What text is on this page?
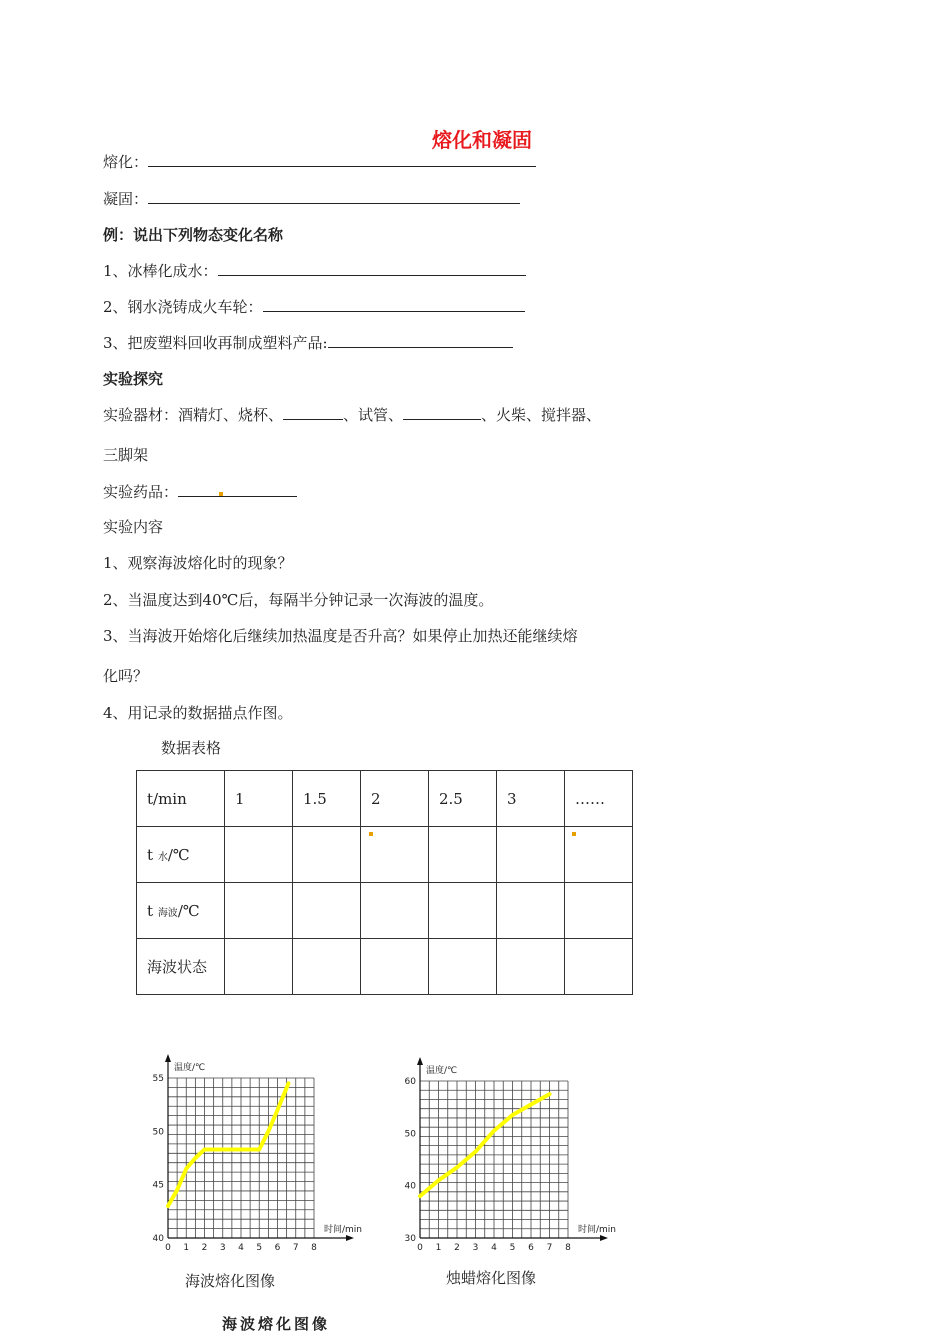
熔化和凝固
熔化：
凝固：
例：说出下列物态变化名称
1、冰棒化成水：
2、钢水浇铸成火车轮：
3、把废塑料回收再制成塑料产品:
实验探究
实验器材：酒精灯、烧杯、	、试管、	、火柴、搅拌器、
三脚架
实验药品：
实验内容
1、观察海波熔化时的现象？
2、当温度达到40℃后，每隔半分钟记录一次海波的温度。
3、当海波开始熔化后继续加热温度是否升高？如果停止加热还能继续熔
化吗？
4、用记录的数据描点作图。
数据表格
t/min	1	1.5	2	2.5	3	……
t 水/℃						
t 海波/℃						
海波状态						
0 1 2 3 4 5 6 7 8
40
45
50
55
温度/℃
时间/min
0 1 2 3 4 5 6 7 8
30
40
50
60
温度/℃
时间/min
海波熔化图像	烛蜡熔化图像
海波熔化图像
